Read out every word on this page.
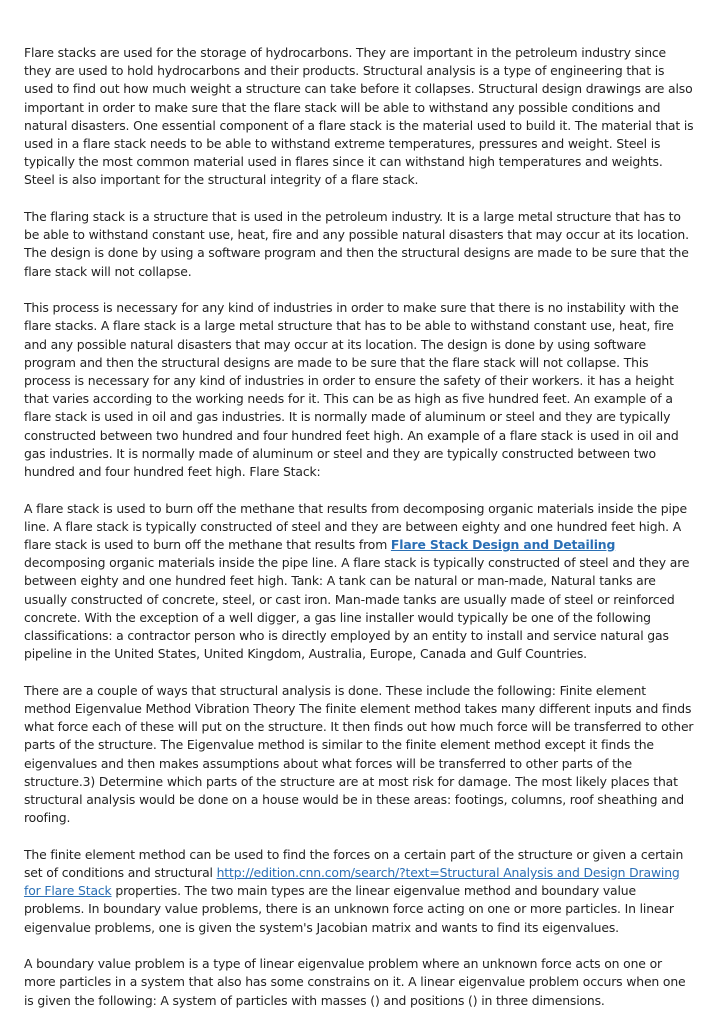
Flare stacks are used for the storage of hydrocarbons. They are important in the petroleum industry since they are used to hold hydrocarbons and their products. Structural analysis is a type of engineering that is used to find out how much weight a structure can take before it collapses. Structural design drawings are also important in order to make sure that the flare stack will be able to withstand any possible conditions and natural disasters. One essential component of a flare stack is the material used to build it. The material that is used in a flare stack needs to be able to withstand extreme temperatures, pressures and weight. Steel is typically the most common material used in flares since it can withstand high temperatures and weights. Steel is also important for the structural integrity of a flare stack.

The flaring stack is a structure that is used in the petroleum industry. It is a large metal structure that has to be able to withstand constant use, heat, fire and any possible natural disasters that may occur at its location. The design is done by using a software program and then the structural designs are made to be sure that the flare stack will not collapse.

This process is necessary for any kind of industries in order to make sure that there is no instability with the flare stacks. A flare stack is a large metal structure that has to be able to withstand constant use, heat, fire and any possible natural disasters that may occur at its location. The design is done by using software program and then the structural designs are made to be sure that the flare stack will not collapse. This process is necessary for any kind of industries in order to ensure the safety of their workers. it has a height that varies according to the working needs for it. This can be as high as five hundred feet. An example of a flare stack is used in oil and gas industries. It is normally made of aluminum or steel and they are typically constructed between two hundred and four hundred feet high. An example of a flare stack is used in oil and gas industries. It is normally made of aluminum or steel and they are typically constructed between two hundred and four hundred feet high. Flare Stack:

A flare stack is used to burn off the methane that results from decomposing organic materials inside the pipe line. A flare stack is typically constructed of steel and they are between eighty and one hundred feet high. A flare stack is used to burn off the methane that results from Flare Stack Design and Detailing decomposing organic materials inside the pipe line. A flare stack is typically constructed of steel and they are between eighty and one hundred feet high. Tank: A tank can be natural or man-made, Natural tanks are usually constructed of concrete, steel, or cast iron. Man-made tanks are usually made of steel or reinforced concrete. With the exception of a well digger, a gas line installer would typically be one of the following classifications: a contractor person who is directly employed by an entity to install and service natural gas pipeline in the United States, United Kingdom, Australia, Europe, Canada and Gulf Countries.

There are a couple of ways that structural analysis is done. These include the following: Finite element method Eigenvalue Method Vibration Theory The finite element method takes many different inputs and finds what force each of these will put on the structure. It then finds out how much force will be transferred to other parts of the structure. The Eigenvalue method is similar to the finite element method except it finds the eigenvalues and then makes assumptions about what forces will be transferred to other parts of the structure.3) Determine which parts of the structure are at most risk for damage. The most likely places that structural analysis would be done on a house would be in these areas: footings, columns, roof sheathing and roofing.

The finite element method can be used to find the forces on a certain part of the structure or given a certain set of conditions and structural http://edition.cnn.com/search/?text=Structural Analysis and Design Drawing for Flare Stack properties. The two main types are the linear eigenvalue method and boundary value problems. In boundary value problems, there is an unknown force acting on one or more particles. In linear eigenvalue problems, one is given the system's Jacobian matrix and wants to find its eigenvalues.

A boundary value problem is a type of linear eigenvalue problem where an unknown force acts on one or more particles in a system that also has some constrains on it. A linear eigenvalue problem occurs when one is given the following: A system of particles with masses () and positions () in three dimensions.
